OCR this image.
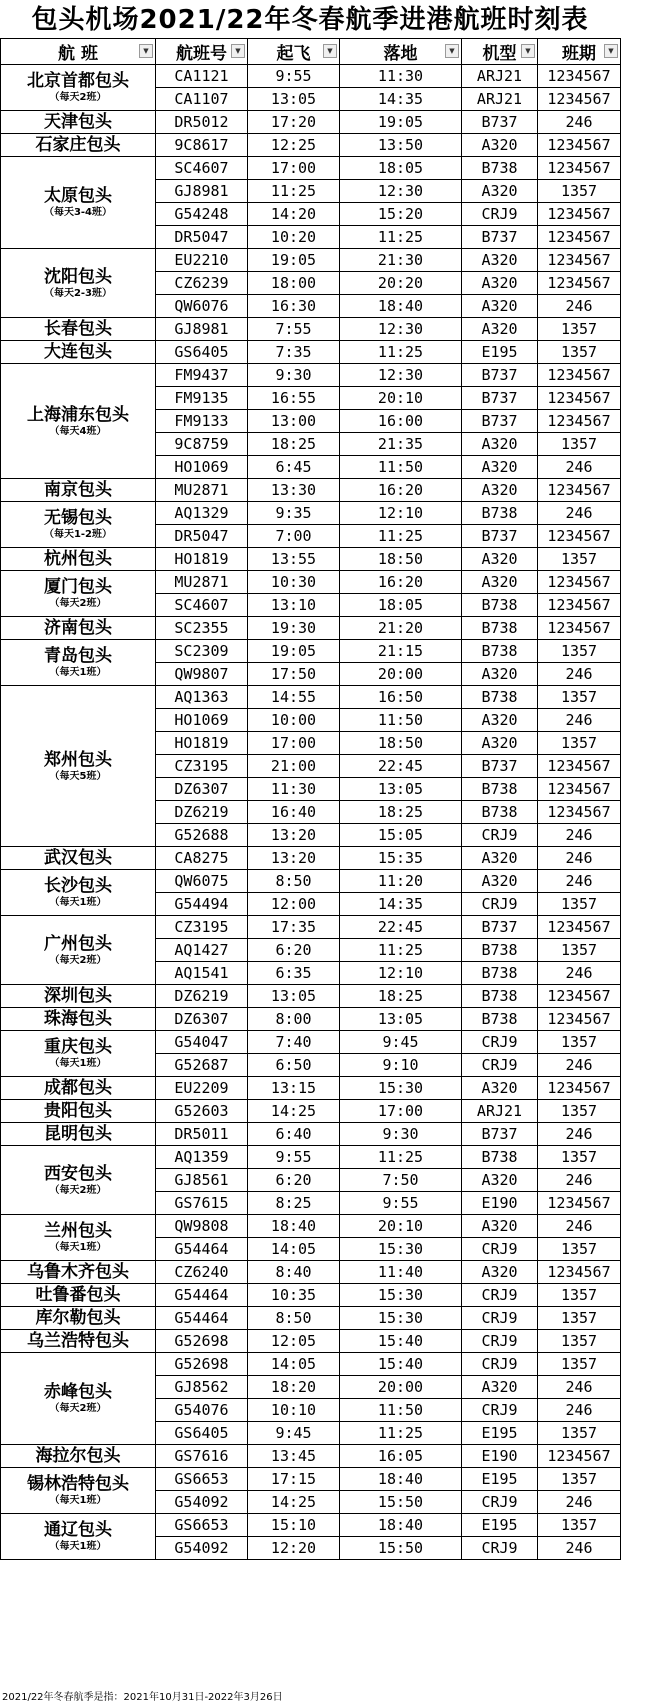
包头机场2021/22年冬春航季进港航班时刻表
航 班 ▼	航班号 ▼	起飞 ▼	落地 ▼	机型 ▼	班期 ▼

北京首都包头
（每天2班）	CA1121	9:55	11:30	ARJ21	1234567
	CA1107	13:05	14:35	ARJ21	1234567

天津包头	DR5012	17:20	19:05	B737	246

石家庄包头	9C8617	12:25	13:50	A320	1234567

太原包头
（每天3-4班）	SC4607	17:00	18:05	B738	1234567
	GJ8981	11:25	12:30	A320	1357
	G54248	14:20	15:20	CRJ9	1234567
	DR5047	10:20	11:25	B737	1234567

沈阳包头
（每天2-3班）	EU2210	19:05	21:30	A320	1234567
	CZ6239	18:00	20:20	A320	1234567
	QW6076	16:30	18:40	A320	246

长春包头	GJ8981	7:55	12:30	A320	1357

大连包头	GS6405	7:35	11:25	E195	1357

上海浦东包头
（每天4班）	FM9437	9:30	12:30	B737	1234567
	FM9135	16:55	20:10	B737	1234567
	FM9133	13:00	16:00	B737	1234567
	9C8759	18:25	21:35	A320	1357
	HO1069	6:45	11:50	A320	246

南京包头	MU2871	13:30	16:20	A320	1234567

无锡包头
（每天1-2班）	AQ1329	9:35	12:10	B738	246
	DR5047	7:00	11:25	B737	1234567

杭州包头	HO1819	13:55	18:50	A320	1357

厦门包头
（每天2班）	MU2871	10:30	16:20	A320	1234567
	SC4607	13:10	18:05	B738	1234567

济南包头	SC2355	19:30	21:20	B738	1234567

青岛包头
（每天1班）	SC2309	19:05	21:15	B738	1357
	QW9807	17:50	20:00	A320	246

郑州包头
（每天5班）	AQ1363	14:55	16:50	B738	1357
	HO1069	10:00	11:50	A320	246
	HO1819	17:00	18:50	A320	1357
	CZ3195	21:00	22:45	B737	1234567
	DZ6307	11:30	13:05	B738	1234567
	DZ6219	16:40	18:25	B738	1234567
	G52688	13:20	15:05	CRJ9	246

武汉包头	CA8275	13:20	15:35	A320	246

长沙包头
（每天1班）	QW6075	8:50	11:20	A320	246
	G54494	12:00	14:35	CRJ9	1357

广州包头
（每天2班）	CZ3195	17:35	22:45	B737	1234567
	AQ1427	6:20	11:25	B738	1357
	AQ1541	6:35	12:10	B738	246

深圳包头	DZ6219	13:05	18:25	B738	1234567

珠海包头	DZ6307	8:00	13:05	B738	1234567

重庆包头
（每天1班）	G54047	7:40	9:45	CRJ9	1357
	G52687	6:50	9:10	CRJ9	246

成都包头	EU2209	13:15	15:30	A320	1234567

贵阳包头	G52603	14:25	17:00	ARJ21	1357

昆明包头	DR5011	6:40	9:30	B737	246

西安包头
（每天2班）	AQ1359	9:55	11:25	B738	1357
	GJ8561	6:20	7:50	A320	246
	GS7615	8:25	9:55	E190	1234567

兰州包头
（每天1班）	QW9808	18:40	20:10	A320	246
	G54464	14:05	15:30	CRJ9	1357

乌鲁木齐包头	CZ6240	8:40	11:40	A320	1234567

吐鲁番包头	G54464	10:35	15:30	CRJ9	1357

库尔勒包头	G54464	8:50	15:30	CRJ9	1357

乌兰浩特包头	G52698	12:05	15:40	CRJ9	1357

赤峰包头
（每天2班）	G52698	14:05	15:40	CRJ9	1357
	GJ8562	18:20	20:00	A320	246
	G54076	10:10	11:50	CRJ9	246
	GS6405	9:45	11:25	E195	1357

海拉尔包头	GS7616	13:45	16:05	E190	1234567

锡林浩特包头
（每天1班）	GS6653	17:15	18:40	E195	1357
	G54092	14:25	15:50	CRJ9	246

通辽包头
（每天1班）	GS6653	15:10	18:40	E195	1357
	G54092	12:20	15:50	CRJ9	246
2021/22年冬春航季是指：2021年10月31日-2022年3月26日
